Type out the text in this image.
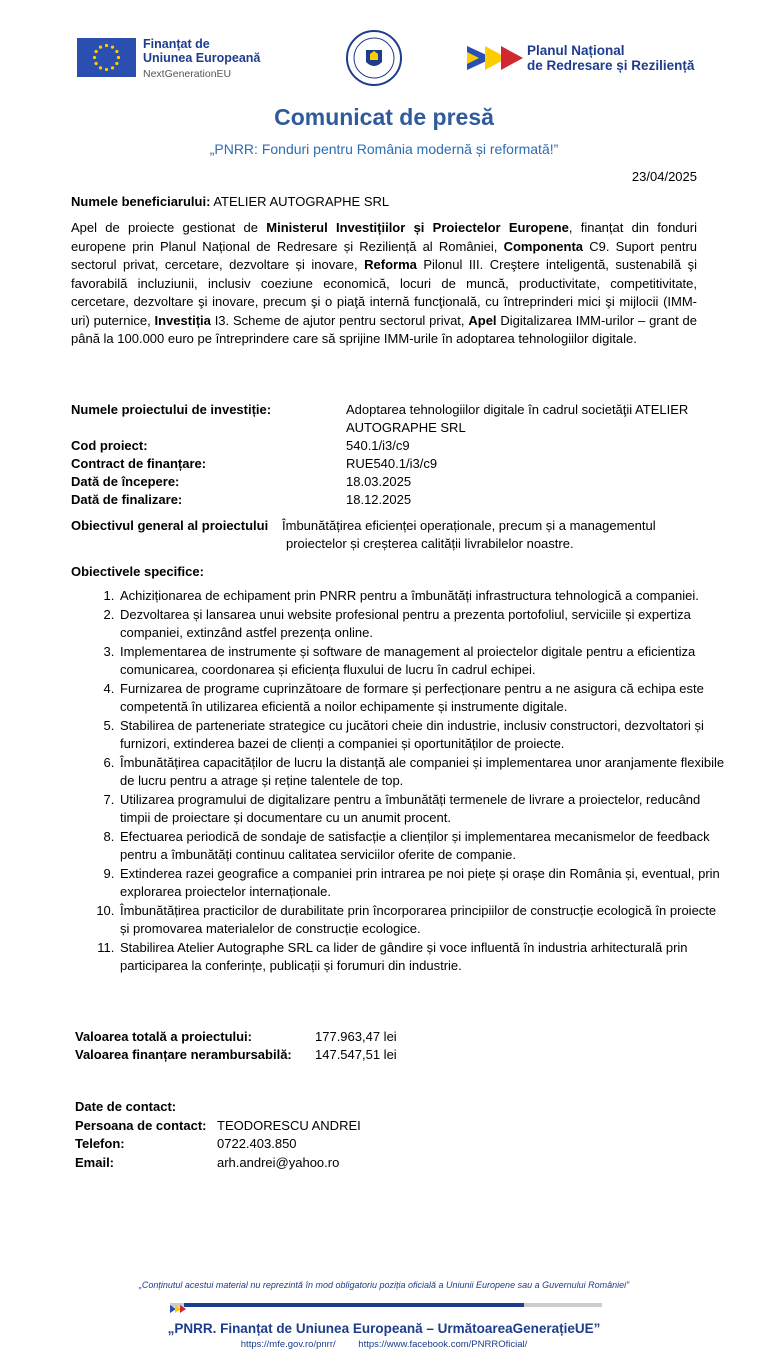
Finanțat de
Uniunea Europeană
NextGenerationEU
Planul Național
de Redresare și Reziliență
Comunicat de presă
„PNRR: Fonduri pentru România modernă și reformată!”
23/04/2025
Numele beneficiarului: ATELIER AUTOGRAPHE SRL
Apel de proiecte gestionat de Ministerul Investițiilor și Proiectelor Europene, finanțat din fonduri europene prin Planul Național de Redresare și Reziliență al României, Componenta C9. Suport pentru sectorul privat, cercetare, dezvoltare și inovare, Reforma Pilonul III. Creştere inteligentă, sustenabilă şi favorabilă incluziunii, inclusiv coeziune economică, locuri de muncă, productivitate, competitivitate, cercetare, dezvoltare şi inovare, precum şi o piaţă internă funcţională, cu întreprinderi mici şi mijlocii (IMM-uri) puternice, Investiția I3. Scheme de ajutor pentru sectorul privat, Apel Digitalizarea IMM-urilor – grant de până la 100.000 euro pe întreprindere care să sprijine IMM-urile în adoptarea tehnologiilor digitale.
Numele proiectului de investiție:	Adoptarea tehnologiilor digitale în cadrul societăţii ATELIER AUTOGRAPHE SRL
Cod proiect:	540.1/i3/c9
Contract de finanțare:	RUE540.1/i3/c9
Dată de începere:	18.03.2025
Dată de finalizare:	18.12.2025
Obiectivul general al proiectului Îmbunătățirea eficienței operaționale, precum și a managementul proiectelor și creșterea calității livrabilelor noastre.
Obiectivele specifice:
1. Achiziționarea de echipament prin PNRR pentru a îmbunătăți infrastructura tehnologică a companiei.
2. Dezvoltarea și lansarea unui website profesional pentru a prezenta portofoliul, serviciile și expertiza companiei, extinzând astfel prezența online.
3. Implementarea de instrumente și software de management al proiectelor digitale pentru a eficientiza comunicarea, coordonarea și eficiența fluxului de lucru în cadrul echipei.
4. Furnizarea de programe cuprinzătoare de formare și perfecționare pentru a ne asigura că echipa este competentă în utilizarea eficientă a noilor echipamente și instrumente digitale.
5. Stabilirea de parteneriate strategice cu jucători cheie din industrie, inclusiv constructori, dezvoltatori și furnizori, extinderea bazei de clienți a companiei și oportunităților de proiecte.
6. Îmbunătățirea capacităților de lucru la distanță ale companiei și implementarea unor aranjamente flexibile de lucru pentru a atrage și reține talentele de top.
7. Utilizarea programului de digitalizare pentru a îmbunătăți termenele de livrare a proiectelor, reducând timpii de proiectare și documentare cu un anumit procent.
8. Efectuarea periodică de sondaje de satisfacție a clienților și implementarea mecanismelor de feedback pentru a îmbunătăți continuu calitatea serviciilor oferite de companie.
9. Extinderea razei geografice a companiei prin intrarea pe noi piețe și orașe din România și, eventual, prin explorarea proiectelor internaționale.
10. Îmbunătățirea practicilor de durabilitate prin încorporarea principiilor de construcție ecologică în proiecte și promovarea materialelor de construcție ecologice.
11. Stabilirea Atelier Autographe SRL ca lider de gândire și voce influentă în industria arhitecturală prin participarea la conferințe, publicații și forumuri din industrie.
Valoarea totală a proiectului:	177.963,47 lei
Valoarea finanțare nerambursabilă: 147.547,51 lei
Date de contact:
Persoana de contact: TEODORESCU ANDREI
Telefon:	0722.403.850
Email:	arh.andrei@yahoo.ro
„Conținutul acestui material nu reprezintă în mod obligatoriu poziția oficială a Uniunii Europene sau a Guvernului României”
„PNRR. Finanțat de Uniunea Europeană – UrmătoareaGenerațieUE”
https://mfe.gov.ro/pnrr/ https://www.facebook.com/PNRROficial/
